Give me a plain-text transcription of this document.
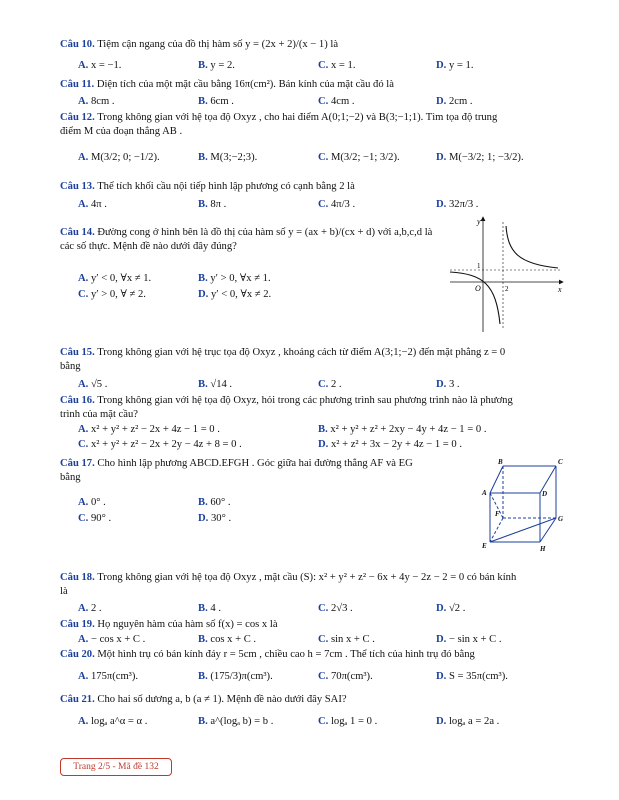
Câu 10. Tiệm cận ngang của đồ thị hàm số y = (2x + 2)/(x − 1) là
A. x = −1.	B. y = 2.	C. x = 1.	D. y = 1.
Câu 11. Diện tích của một mặt cầu bằng 16π(cm²). Bán kính của mặt cầu đó là
A. 8cm .	B. 6cm .	C. 4cm .	D. 2cm .
Câu 12. Trong không gian với hệ tọa độ Oxyz , cho hai điểm A(0;1;−2) và B(3;−1;1). Tìm tọa độ trung
điểm M của đoạn thẳng AB .
A. M(3/2; 0; −1/2).	B. M(3;−2;3).	C. M(3/2; −1; 3/2).	D. M(−3/2; 1; −3/2).
Câu 13. Thể tích khối cầu nội tiếp hình lập phương có cạnh bằng 2 là
A. 4π .	B. 8π .	C. 4π/3 .	D. 32π/3 .
Câu 14. Đường cong ở hình bên là đồ thị của hàm số y = (ax + b)/(cx + d) với a,b,c,d là
các số thực. Mệnh đề nào dưới đây đúng?
A. y′ < 0, ∀x ≠ 1.	B. y′ > 0, ∀x ≠ 1.
C. y′ > 0, ∀ ≠ 2.	D. y′ < 0, ∀x ≠ 2.
y
x
O
1
2
Câu 15. Trong không gian với hệ trục tọa độ Oxyz , khoảng cách từ điểm A(3;1;−2) đến mặt phẳng z = 0
bằng
A. √5 .	B. √14 .	C. 2 .	D. 3 .
Câu 16. Trong không gian với hệ tọa độ Oxyz, hỏi trong các phương trình sau phương trình nào là phương
trình của mặt cầu?
A. x² + y² + z² − 2x + 4z − 1 = 0 .	B. x² + y² + z² + 2xy − 4y + 4z − 1 = 0 .
C. x² + y² + z² − 2x + 2y − 4z + 8 = 0 .	D. x² + z² + 3x − 2y + 4z − 1 = 0 .
Câu 17. Cho hình lập phương ABCD.EFGH . Góc giữa hai đường thẳng AF và EG
bằng
A. 0° .	B. 60° .
C. 90° .	D. 30° .
B	C
A	D
F
G
E	H
Câu 18. Trong không gian với hệ tọa độ Oxyz , mặt cầu (S): x² + y² + z² − 6x + 4y − 2z − 2 = 0 có bán kính
là
A. 2 .	B. 4 .	C. 2√3 .	D. √2 .
Câu 19. Họ nguyên hàm của hàm số f(x) = cos x là
A. − cos x + C .	B. cos x + C .	C. sin x + C .	D. − sin x + C .
Câu 20. Một hình trụ có bán kính đáy r = 5cm , chiều cao h = 7cm . Thể tích của hình trụ đó bằng
A. 175π(cm³).	B. (175/3)π(cm³).	C. 70π(cm³).	D. S = 35π(cm³).
Câu 21. Cho hai số dương a, b (a ≠ 1). Mệnh đề nào dưới đây SAI?
A. logₐ a^α = α .	B. a^(logₐ b) = b .	C. logₐ 1 = 0 .	D. logₐ a = 2a .
Trang 2/5 - Mã đề 132
